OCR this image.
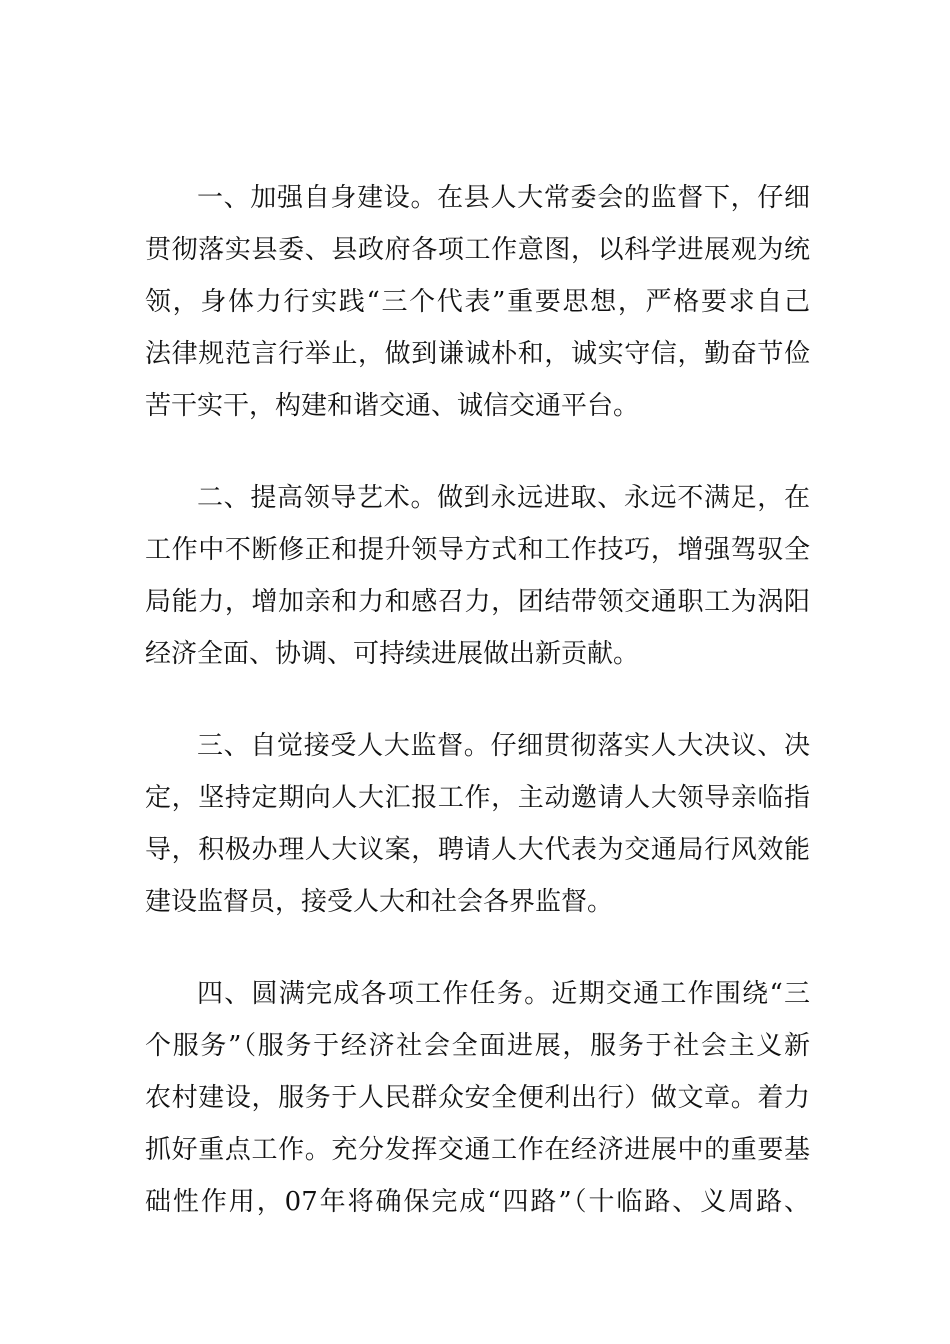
一、加强自身建设。在县人大常委会的监督下，仔细
贯彻落实县委、县政府各项工作意图，以科学进展观为统
领，身体力行实践“三个代表”重要思想，严格要求自己
法律规范言行举止，做到谦诚朴和，诚实守信，勤奋节俭
苦干实干，构建和谐交通、诚信交通平台。
二、提高领导艺术。做到永远进取、永远不满足，在
工作中不断修正和提升领导方式和工作技巧，增强驾驭全
局能力，增加亲和力和感召力，团结带领交通职工为涡阳
经济全面、协调、可持续进展做出新贡献。
三、自觉接受人大监督。仔细贯彻落实人大决议、决
定，坚持定期向人大汇报工作，主动邀请人大领导亲临指
导，积极办理人大议案，聘请人大代表为交通局行风效能
建设监督员，接受人大和社会各界监督。
四、圆满完成各项工作任务。近期交通工作围绕“三
个服务”（服务于经济社会全面进展，服务于社会主义新
农村建设，服务于人民群众安全便利出行）做文章。着力
抓好重点工作。充分发挥交通工作在经济进展中的重要基
础性作用，07年将确保完成“四路”（十临路、义周路、
